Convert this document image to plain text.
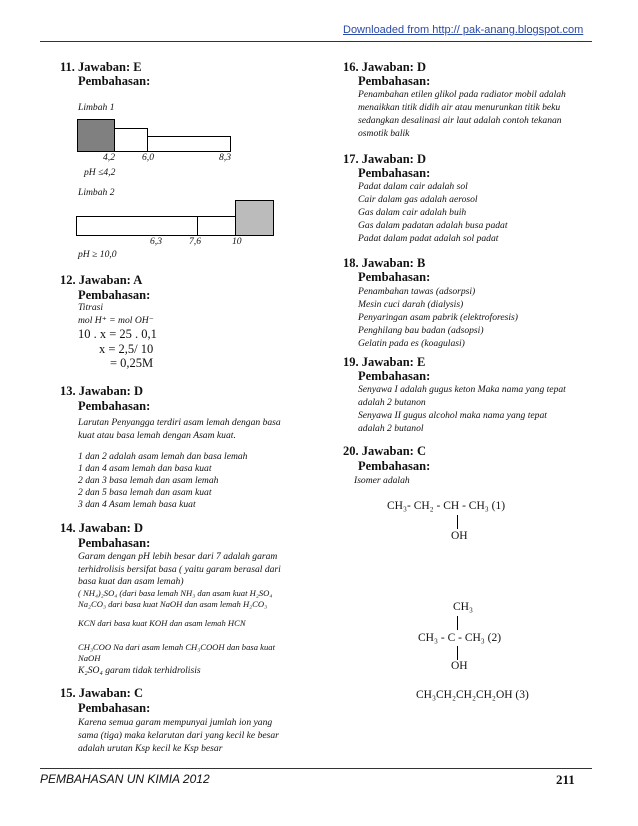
Downloaded from http:// pak-anang.blogspot.com
11. Jawaban: E
Pembahasan:
Limbah 1
4,2	6,0	8,3
pH ≤4,2
Limbah 2
6,3	7,6	10
pH ≥ 10,0
12. Jawaban: A
Pembahasan:
Titrasi
mol H⁺ = mol OH⁻
10 . x = 25 . 0,1
x = 2,5/ 10
= 0,25M
13. Jawaban: D
Pembahasan:
Larutan Penyangga terdiri asam lemah dengan basa
kuat atau basa lemah dengan Asam kuat.
1 dan 2 adalah asam lemah dan basa lemah
1 dan 4 asam lemah dan basa kuat
2 dan 3 basa lemah dan asam lemah
2 dan 5 basa lemah dan asam kuat
3 dan 4 Asam lemah basa kuat
14. Jawaban: D
Pembahasan:
Garam dengan pH lebih besar dari 7 adalah garam
terhidrolisis bersifat basa ( yaitu garam berasal dari
basa kuat dan asam lemah)
( NH₄)₂SO₄ (dari basa lemah NH₃ dan asam kuat H₂SO₄
Na₂CO₃ dari basa kuat NaOH dan asam lemah H₂CO₃
KCN dari basa kuat KOH dan asam lemah HCN
CH₃COO Na dari asam lemah CH₃COOH dan basa kuat
NaOH
K₂SO₄ garam tidak terhidrolisis
15. Jawaban: C
Pembahasan:
Karena semua garam mempunyai jumlah ion yang
sama (tiga) maka kelarutan dari yang kecil ke besar
adalah urutan Ksp kecil ke Ksp besar
16. Jawaban: D
Pembahasan:
Penambahan etilen glikol pada radiator mobil adalah
menaikkan titik didih air atau menurunkan titik beku
sedangkan desalinasi air laut adalah contoh tekanan
osmotik balik
17. Jawaban: D
Pembahasan:
Padat dalam cair adalah sol
Cair dalam gas adalah aerosol
Gas dalam cair adalah buih
Gas dalam padatan adalah busa padat
Padat dalam padat adalah sol padat
18. Jawaban: B
Pembahasan:
Penambahan tawas (adsorpsi)
Mesin cuci darah (dialysis)
Penyaringan asam pabrik (elektroforesis)
Penghilang bau badan (adsopsi)
Gelatin pada es (koagulasi)
19. Jawaban: E
Pembahasan:
Senyawa I adalah gugus keton Maka nama yang tepat
adalah 2 butanon
Senyawa II gugus alcohol maka nama yang tepat
adalah 2 butanol
20. Jawaban: C
Pembahasan:
Isomer adalah
CH₃- CH₂ - CH - CH₃ (1)
OH
CH₃
CH₃ - C - CH₃ (2)
OH
CH₃CH₂CH₂CH₂OH (3)
PEMBAHASAN UN KIMIA 2012	211
